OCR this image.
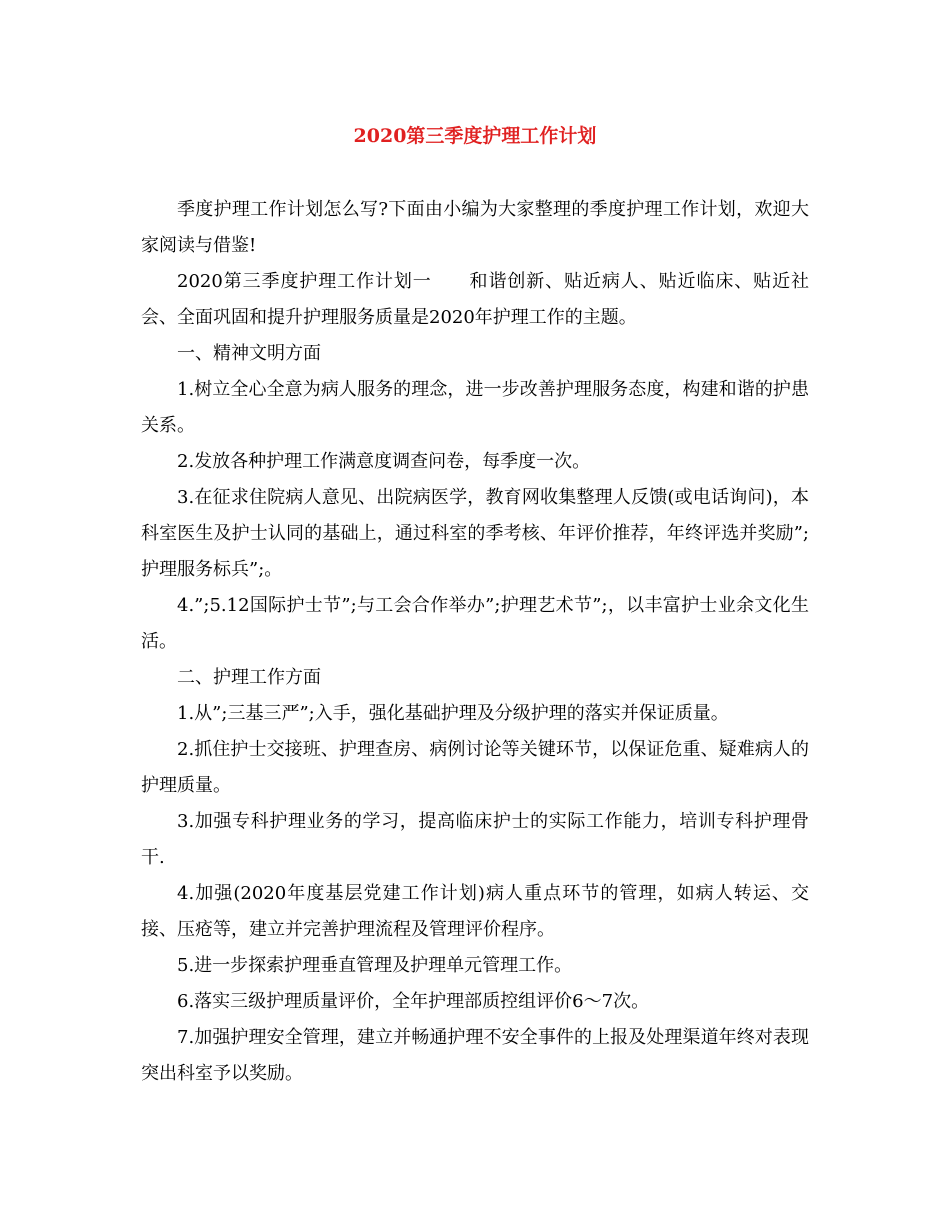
2020第三季度护理工作计划

季度护理工作计划怎么写?下面由小编为大家整理的季度护理工作计划，欢迎大家阅读与借鉴!

2020第三季度护理工作计划一　　和谐创新、贴近病人、贴近临床、贴近社会、全面巩固和提升护理服务质量是2020年护理工作的主题。

一、精神文明方面

1.树立全心全意为病人服务的理念，进一步改善护理服务态度，构建和谐的护患关系。

2.发放各种护理工作满意度调查问卷，每季度一次。

3.在征求住院病人意见、出院病医学，教育网收集整理人反馈(或电话询问)，本科室医生及护士认同的基础上，通过科室的季考核、年评价推荐，年终评选并奖励”;护理服务标兵”;。

4.”;5.12国际护士节”;与工会合作举办”;护理艺术节”;，以丰富护士业余文化生活。

二、护理工作方面

1.从”;三基三严”;入手，强化基础护理及分级护理的落实并保证质量。

2.抓住护士交接班、护理查房、病例讨论等关键环节，以保证危重、疑难病人的护理质量。

3.加强专科护理业务的学习，提高临床护士的实际工作能力，培训专科护理骨干.

4.加强(2020年度基层党建工作计划)病人重点环节的管理，如病人转运、交接、压疮等，建立并完善护理流程及管理评价程序。

5.进一步探索护理垂直管理及护理单元管理工作。

6.落实三级护理质量评价，全年护理部质控组评价6～7次。

7.加强护理安全管理，建立并畅通护理不安全事件的上报及处理渠道年终对表现突出科室予以奖励。
